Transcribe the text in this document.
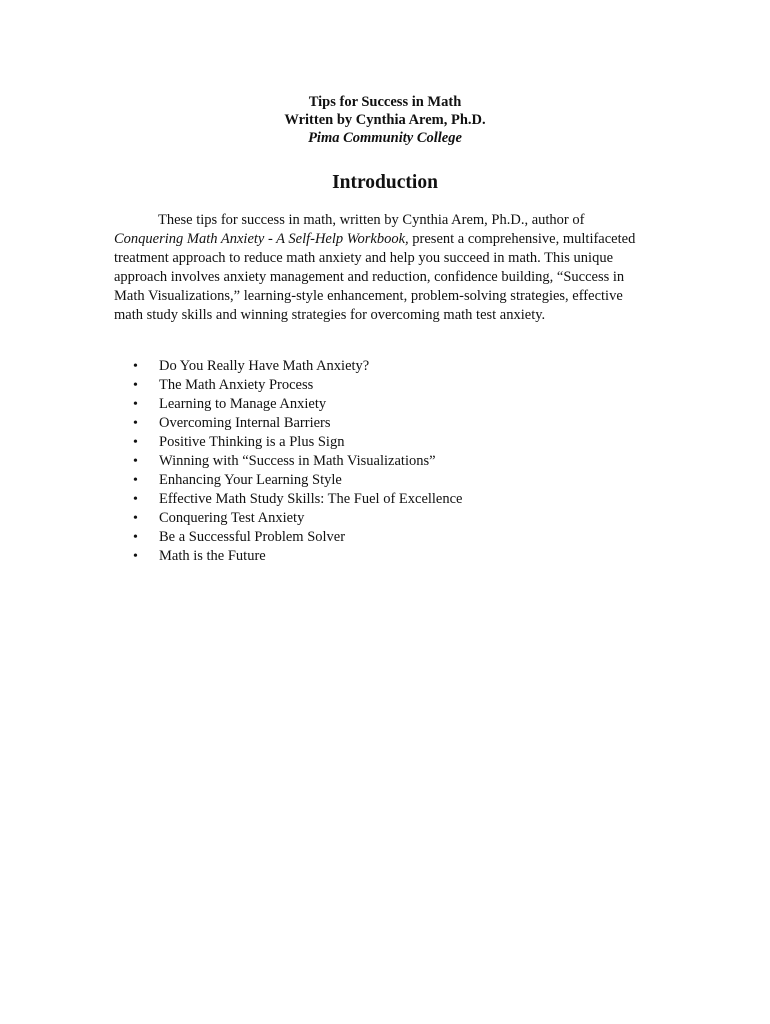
Tips for Success in Math
Written by Cynthia Arem, Ph.D.
Pima Community College
Introduction

These tips for success in math, written by Cynthia Arem, Ph.D., author of Conquering Math Anxiety - A Self-Help Workbook, present a comprehensive, multifaceted treatment approach to reduce math anxiety and help you succeed in math. This unique approach involves anxiety management and reduction, confidence building, “Success in Math Visualizations,” learning-style enhancement, problem-solving strategies, effective math study skills and winning strategies for overcoming math test anxiety.

• Do You Really Have Math Anxiety?
• The Math Anxiety Process
• Learning to Manage Anxiety
• Overcoming Internal Barriers
• Positive Thinking is a Plus Sign
• Winning with “Success in Math Visualizations”
• Enhancing Your Learning Style
• Effective Math Study Skills: The Fuel of Excellence
• Conquering Test Anxiety
• Be a Successful Problem Solver
• Math is the Future
